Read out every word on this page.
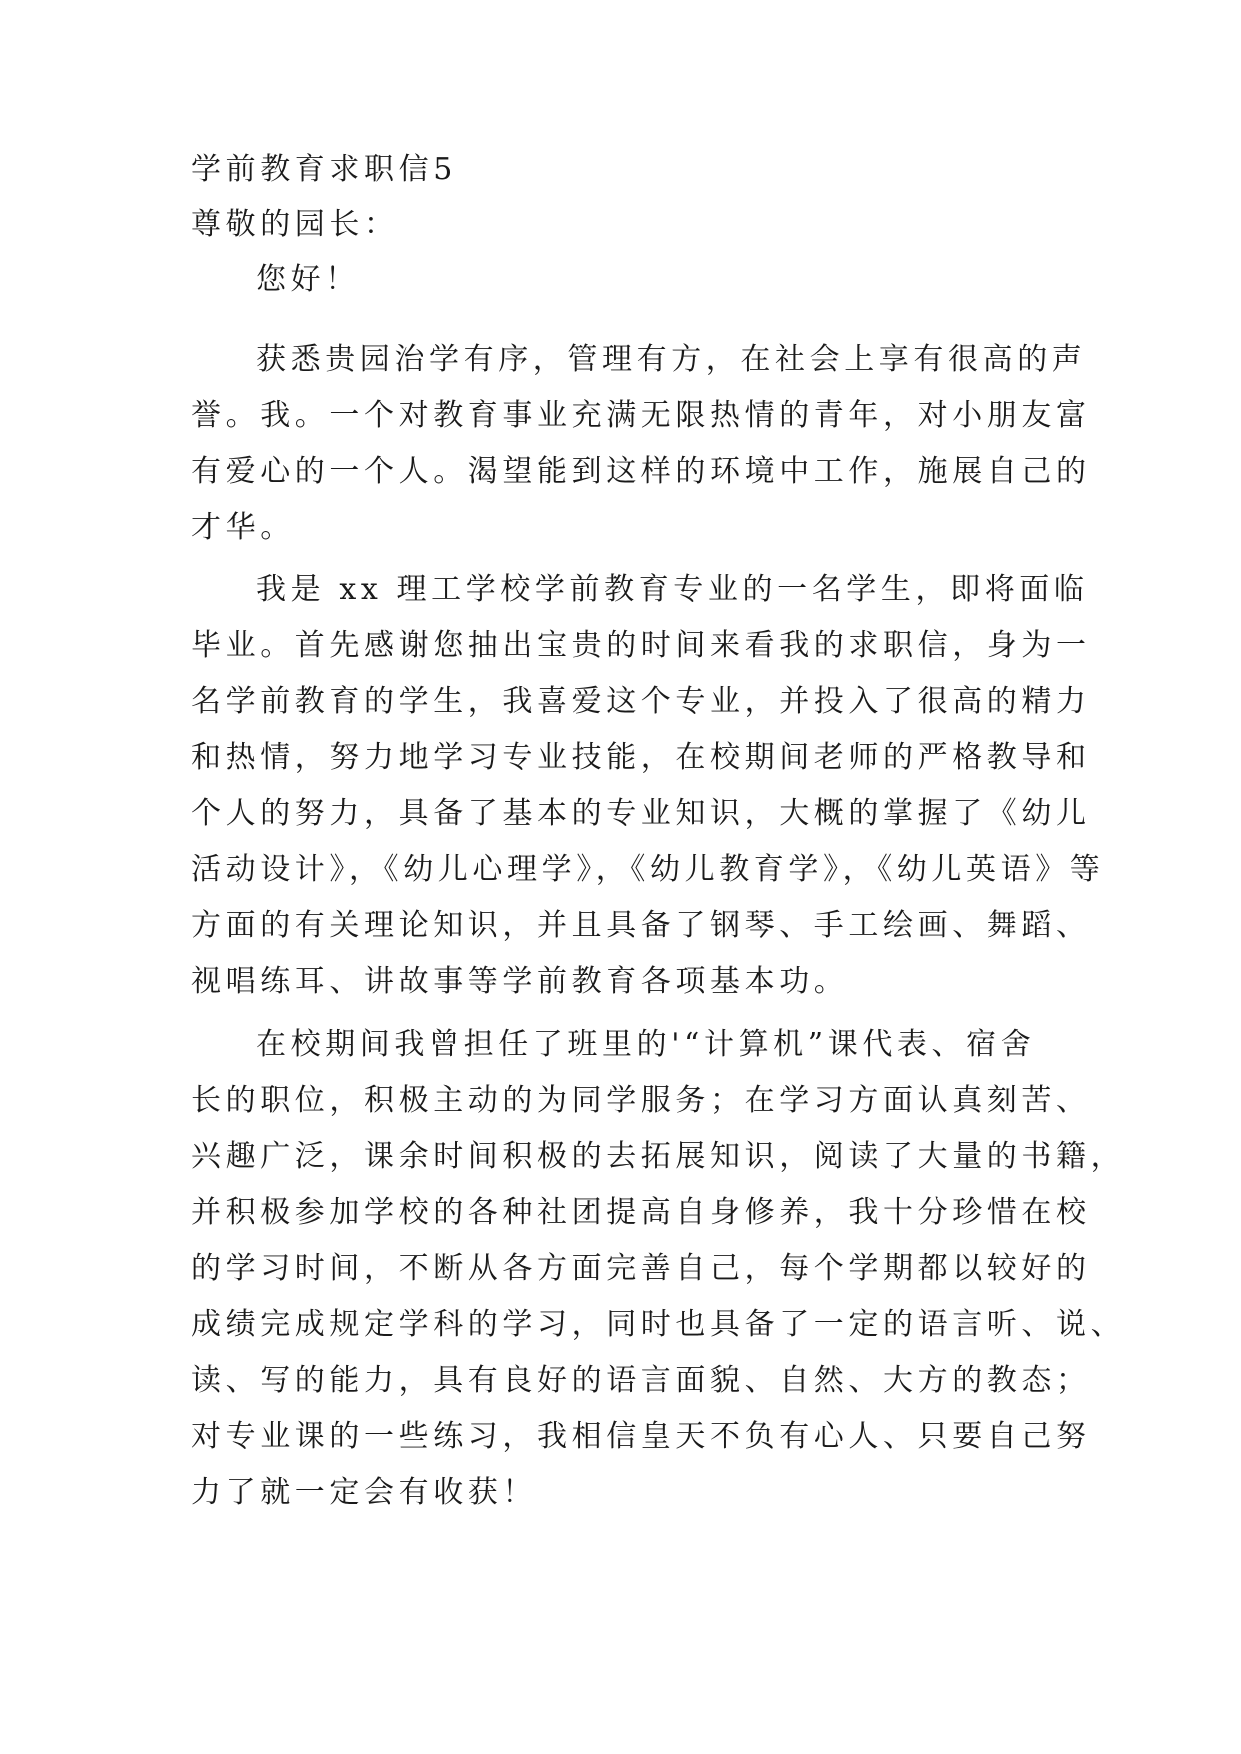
学前教育求职信5
尊敬的园长：
您好！
获悉贵园治学有序，管理有方，在社会上享有很高的声
誉。我。一个对教育事业充满无限热情的青年，对小朋友富
有爱心的一个人。渴望能到这样的环境中工作，施展自己的
才华。
我是 xx 理工学校学前教育专业的一名学生，即将面临
毕业。首先感谢您抽出宝贵的时间来看我的求职信，身为一
名学前教育的学生，我喜爱这个专业，并投入了很高的精力
和热情，努力地学习专业技能，在校期间老师的严格教导和
个人的努力，具备了基本的专业知识，大概的掌握了《幼儿
活动设计》，《幼儿心理学》，《幼儿教育学》，《幼儿英语》等
方面的有关理论知识，并且具备了钢琴、手工绘画、舞蹈、
视唱练耳、讲故事等学前教育各项基本功。
在校期间我曾担任了班里的'“计算机”课代表、宿舍
长的职位，积极主动的为同学服务；在学习方面认真刻苦、
兴趣广泛，课余时间积极的去拓展知识，阅读了大量的书籍，
并积极参加学校的各种社团提高自身修养，我十分珍惜在校
的学习时间，不断从各方面完善自己，每个学期都以较好的
成绩完成规定学科的学习，同时也具备了一定的语言听、说、
读、写的能力，具有良好的语言面貌、自然、大方的教态；
对专业课的一些练习，我相信皇天不负有心人、只要自己努
力了就一定会有收获！
